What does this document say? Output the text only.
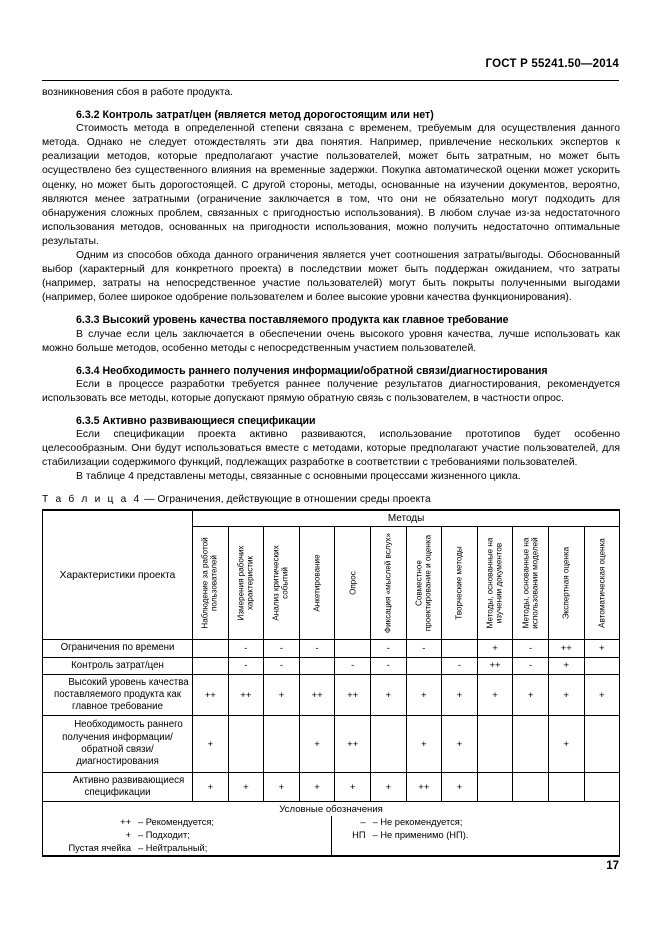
ГОСТ Р 55241.50—2014

возникновения сбоя в работе продукта.

6.3.2 Контроль затрат/цен (является метод дорогостоящим или нет)

Стоимость метода в определенной степени связана с временем, требуемым для осуществления данного метода. Однако не следует отождествлять эти два понятия. Например, привлечение нескольких экспертов к реализации методов, которые предполагают участие пользователей, может быть затратным, но может быть осуществлено без существенного влияния на временные задержки. Покупка автоматической оценки может ускорить оценку, но может быть дорогостоящей. С другой стороны, методы, основанные на изучении документов, вероятно, являются менее затратными (ограничение заключается в том, что они не обязательно могут подходить для обнаружения сложных проблем, связанных с пригодностью использования). В любом случае из-за недостаточного использования методов, основанных на пригодности использования, можно получить недостаточно оптимальные результаты.

Одним из способов обхода данного ограничения является учет соотношения затраты/выгоды. Обоснованный выбор (характерный для конкретного проекта) в последствии может быть поддержан ожиданием, что затраты (например, затраты на непосредственное участие пользователей) могут быть покрыты полученными выгодами (например, более широкое одобрение пользователем и более высокие уровни качества функционирования).

6.3.3 Высокий уровень качества поставляемого продукта как главное требование

В случае если цель заключается в обеспечении очень высокого уровня качества, лучше использовать как можно больше методов, особенно методы с непосредственным участием пользователей.

6.3.4 Необходимость раннего получения информации/обратной связи/диагностирования

Если в процессе разработки требуется раннее получение результатов диагностирования, рекомендуется использовать все методы, которые допускают прямую обратную связь с пользователем, в частности опрос.

6.3.5 Активно развивающиеся спецификации

Если спецификации проекта активно развиваются, использование прототипов будет особенно целесообразным. Они будут использоваться вместе с методами, которые предполагают участие пользователей, для стабилизации содержимого функций, подлежащих разработке в соответствии с требованиями пользователей.

В таблице 4 представлены методы, связанные с основными процессами жизненного цикла.

Т а б л и ц а 4 — Ограничения, действующие в отношении среды проекта
Характеристики проекта	Методы

Наблюдение за работой пользователей	Измерения рабочих характеристик	Анализ критических событий	Анкетирование	Опрос	Фиксация «мыслей вслух»	Совместное проектирование и оценка	Творческие методы	Методы, основанные на изучении документов	Методы, основанные на использовании моделей	Экспертная оценка	Автоматическая оценка

Ограничения по времени		-	-	-		-	-		+	-	++	+
Контроль затрат/цен		-	-		-	-		-	++	-	+	

Высокий уровень качества поставляемого продукта как главное требование
	++	++	+	++	++	+	+	+	+	+	+	+

Необходимость раннего получения информации/обратной связи/диагностирования
	+			+	++		+	+			+	

Активно развивающиеся спецификации	+	+	+	+	+	+	++	+				

Условные обозначения
++ – Рекомендуется;
+ – Подходит;
Пустая ячейка – Нейтральный;

– – Не рекомендуется;
НП – Не применимо (НП).
17
